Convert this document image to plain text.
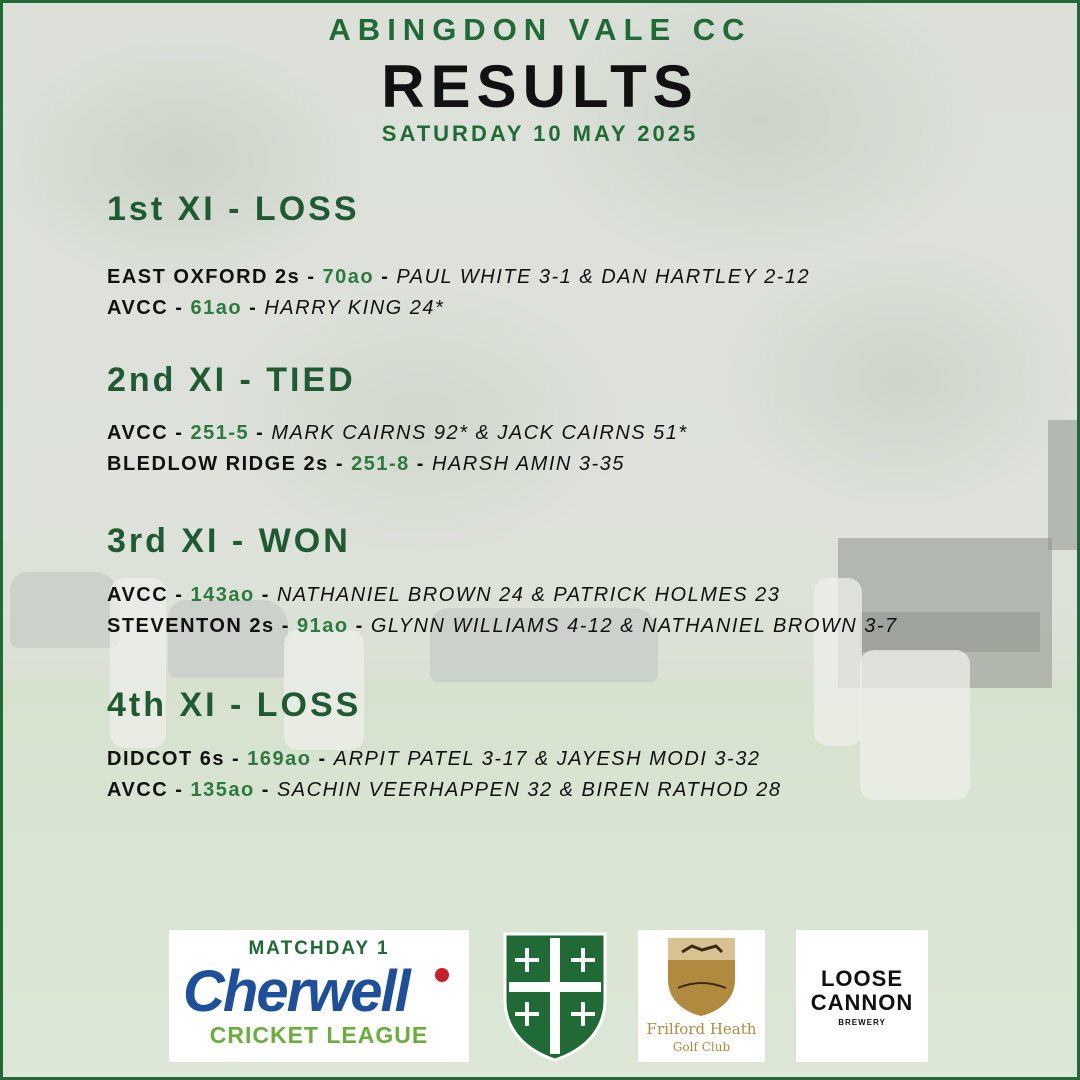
ABINGDON VALE CC
RESULTS
SATURDAY 10 MAY 2025
1st XI - LOSS
EAST OXFORD 2s - 70ao - PAUL WHITE 3-1 & DAN HARTLEY 2-12
AVCC - 61ao - HARRY KING 24*
2nd XI - TIED
AVCC - 251-5 - MARK CAIRNS 92* & JACK CAIRNS 51*
BLEDLOW RIDGE 2s - 251-8 - HARSH AMIN 3-35
3rd XI - WON
AVCC - 143ao - NATHANIEL BROWN 24 & PATRICK HOLMES 23
STEVENTON 2s - 91ao - GLYNN WILLIAMS 4-12 & NATHANIEL BROWN 3-7
4th XI - LOSS
DIDCOT 6s - 169ao - ARPIT PATEL 3-17 & JAYESH MODI 3-32
AVCC - 135ao - SACHIN VEERHAPPEN 32 & BIREN RATHOD 28
MATCHDAY 1
Cherwell
CRICKET LEAGUE	Frilford Heath
Golf Club
LOOSE
CANNON
BREWERY
